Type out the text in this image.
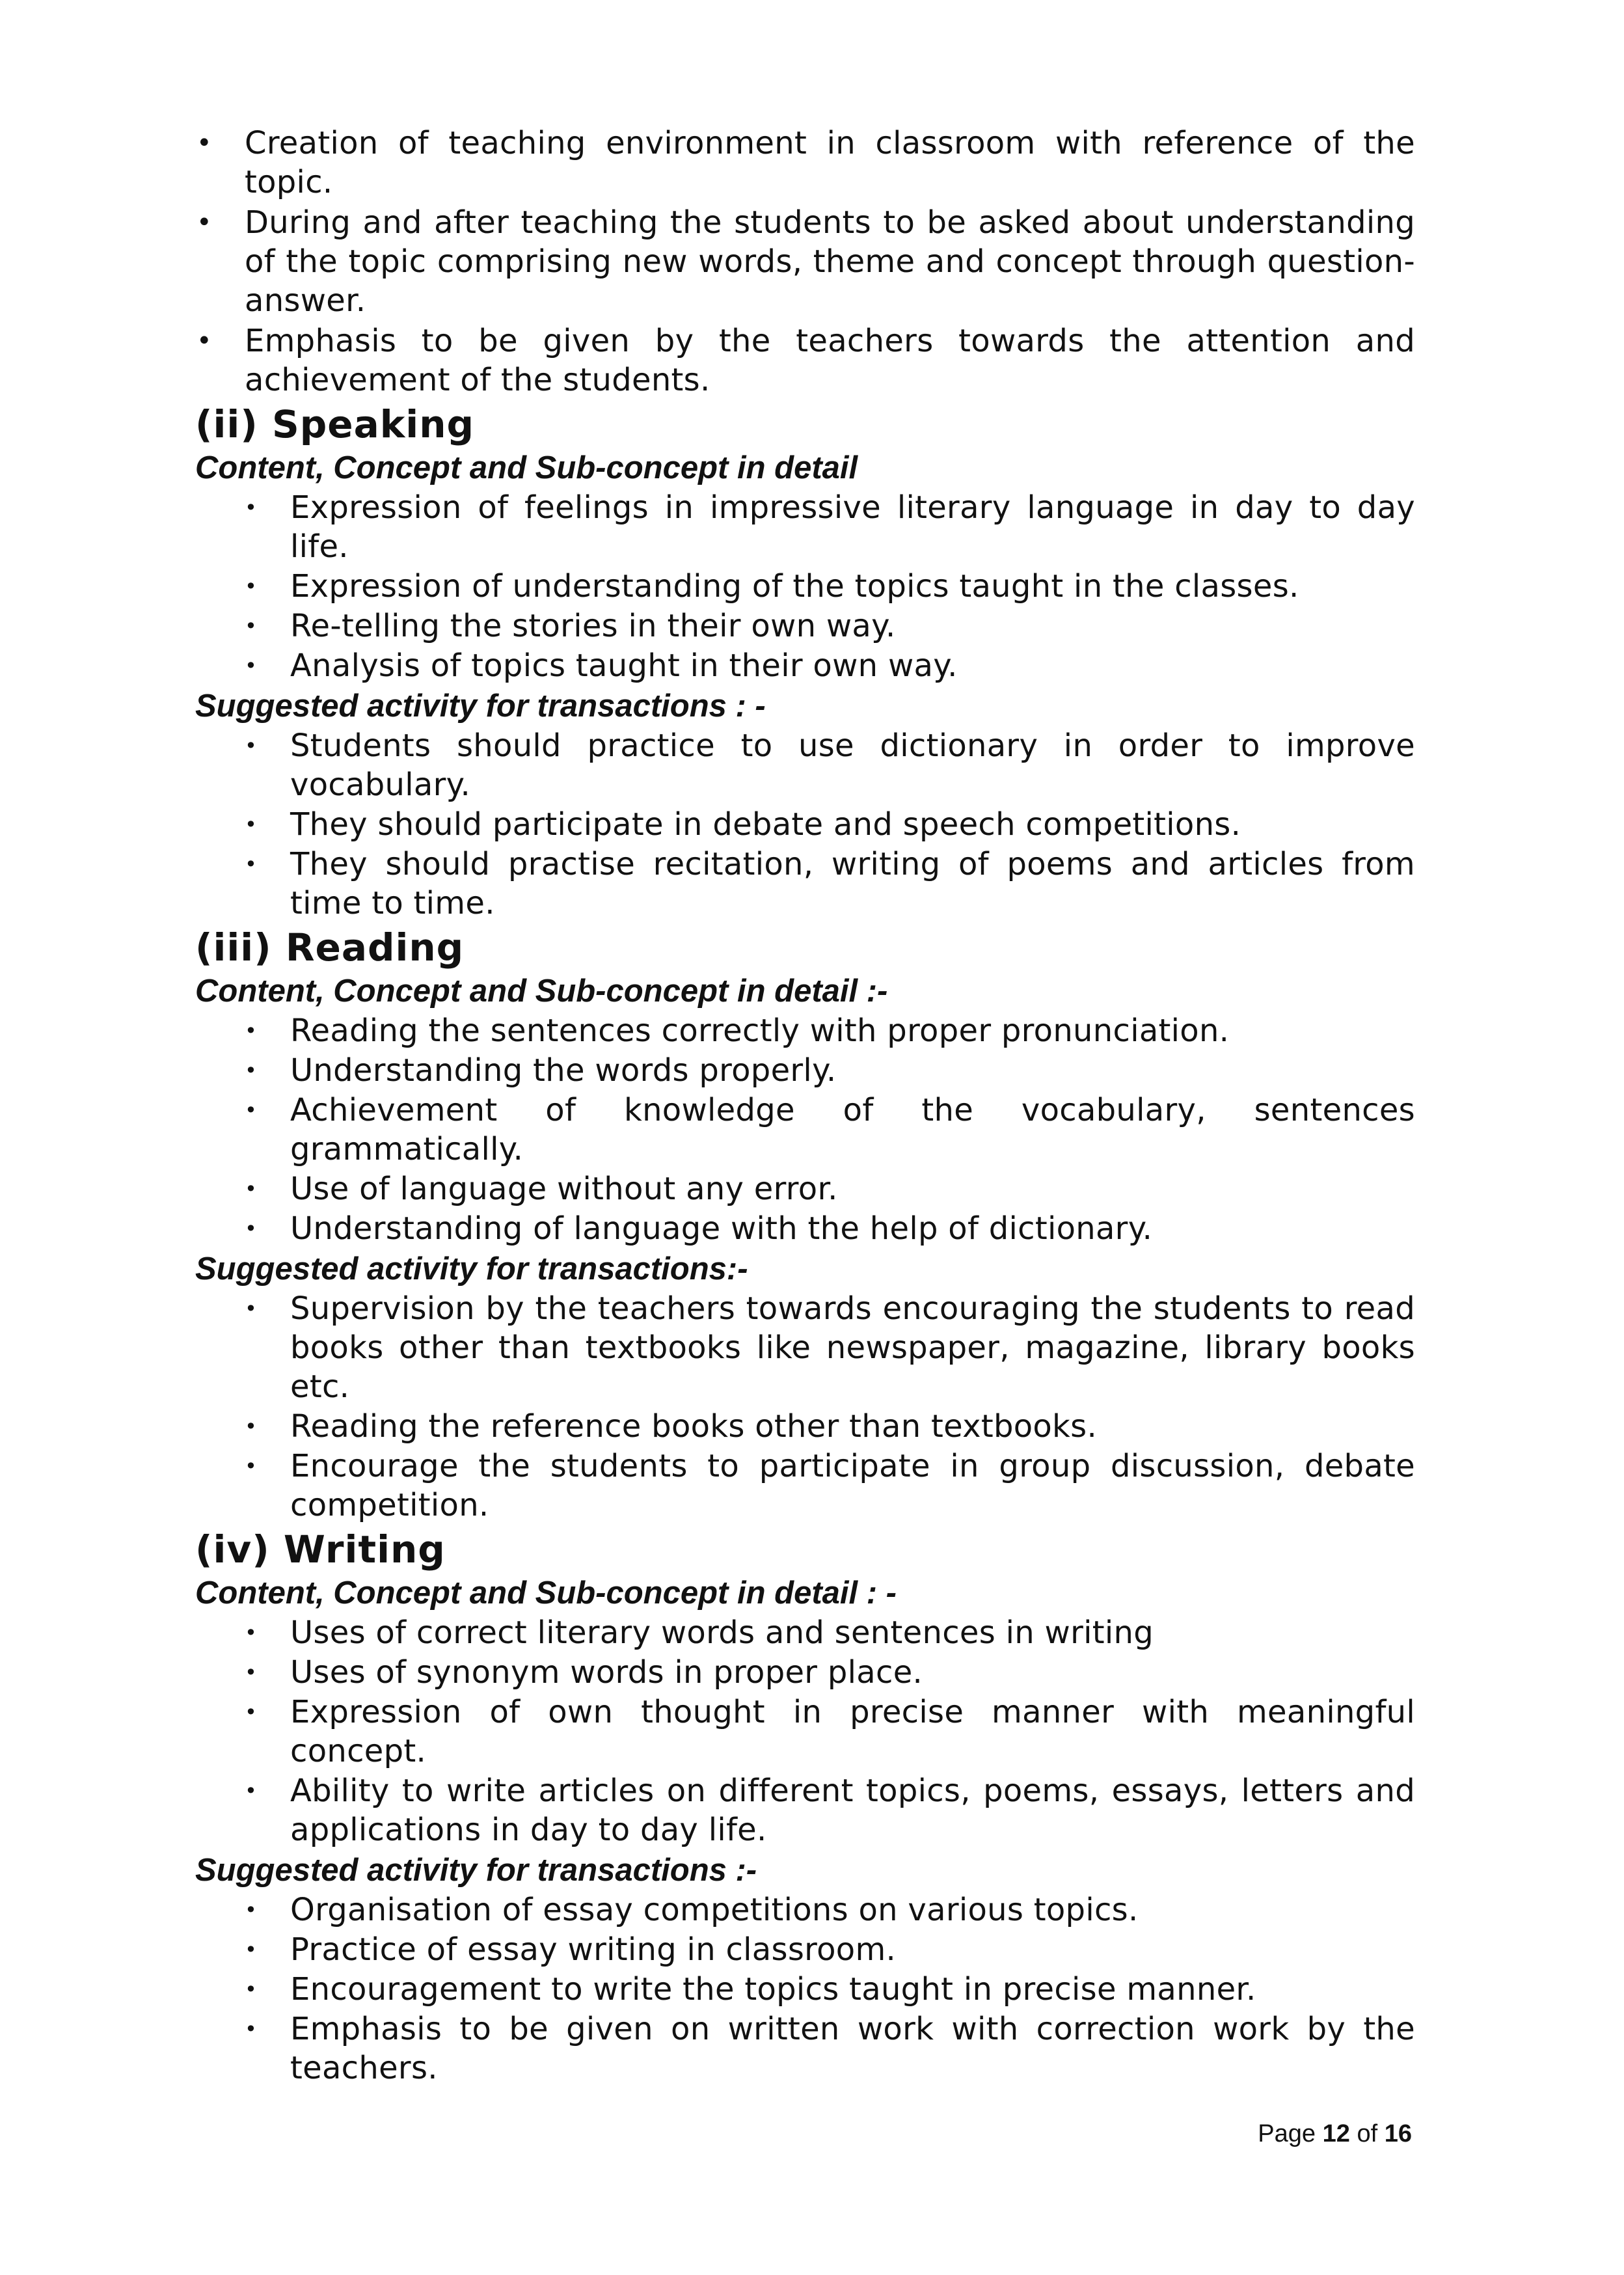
• Creation of teaching environment in classroom with reference of the topic.
• During and after teaching the students to be asked about understanding of the topic comprising new words, theme and concept through question-answer.
• Emphasis to be given by the teachers towards the attention and achievement of the students.
(ii) Speaking

Content, Concept and Sub-concept in detail

• Expression of feelings in impressive literary language in day to day life.
• Expression of understanding of the topics taught in the classes.
• Re-telling the stories in their own way.
• Analysis of topics taught in their own way.

Suggested activity for transactions : -

• Students should practice to use dictionary in order to improve vocabulary.
• They should participate in debate and speech competitions.
• They should practise recitation, writing of poems and articles from time to time.
(iii) Reading

Content, Concept and Sub-concept in detail :-

• Reading the sentences correctly with proper pronunciation.
• Understanding the words properly.
• Achievement of knowledge of the vocabulary, sentences grammatically.
• Use of language without any error.
• Understanding of language with the help of dictionary.

Suggested activity for transactions:-

• Supervision by the teachers towards encouraging the students to read books other than textbooks like newspaper, magazine, library books etc.
• Reading the reference books other than textbooks.
• Encourage the students to participate in group discussion, debate competition.
(iv) Writing

Content, Concept and Sub-concept in detail : -

• Uses of correct literary words and sentences in writing
• Uses of synonym words in proper place.
• Expression of own thought in precise manner with meaningful concept.
• Ability to write articles on different topics, poems, essays, letters and applications in day to day life.

Suggested activity for transactions :-

• Organisation of essay competitions on various topics.
• Practice of essay writing in classroom.
• Encouragement to write the topics taught in precise manner.
• Emphasis to be given on written work with correction work by the teachers.
Page 12 of 16
